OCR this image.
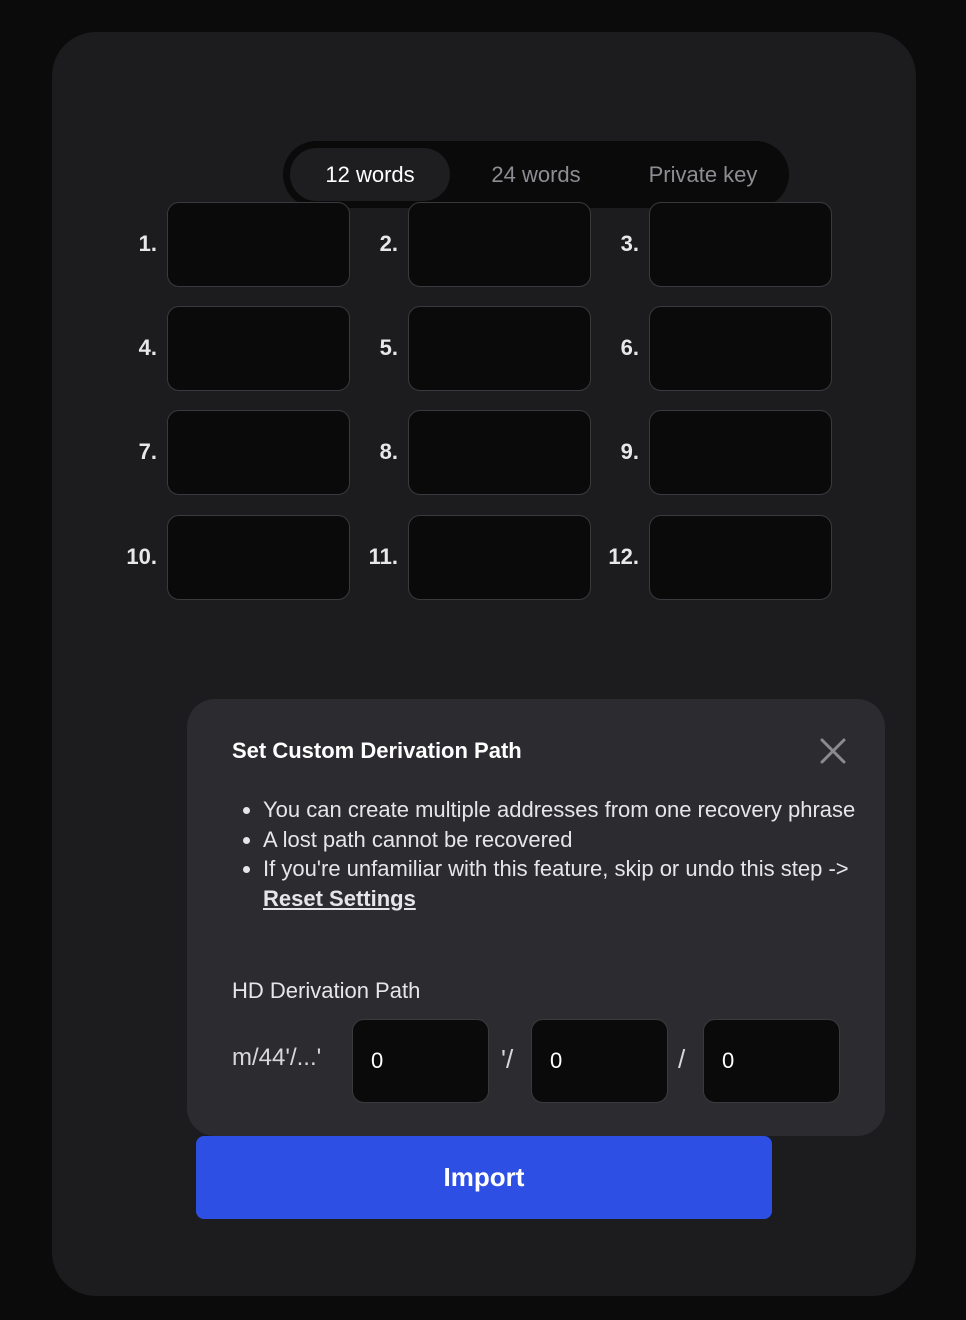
12 words	24 words	Private key
1.	2.	3.
4.	5.	6.
7.	8.	9.
10.	11.	12.
Set Custom Derivation Path
• You can create multiple addresses from one recovery phrase
• A lost path cannot be recovered
• If you're unfamiliar with this feature, skip or undo this step -> Reset Settings
HD Derivation Path
m/44'/...'
0	'/
0	/
0
Import
